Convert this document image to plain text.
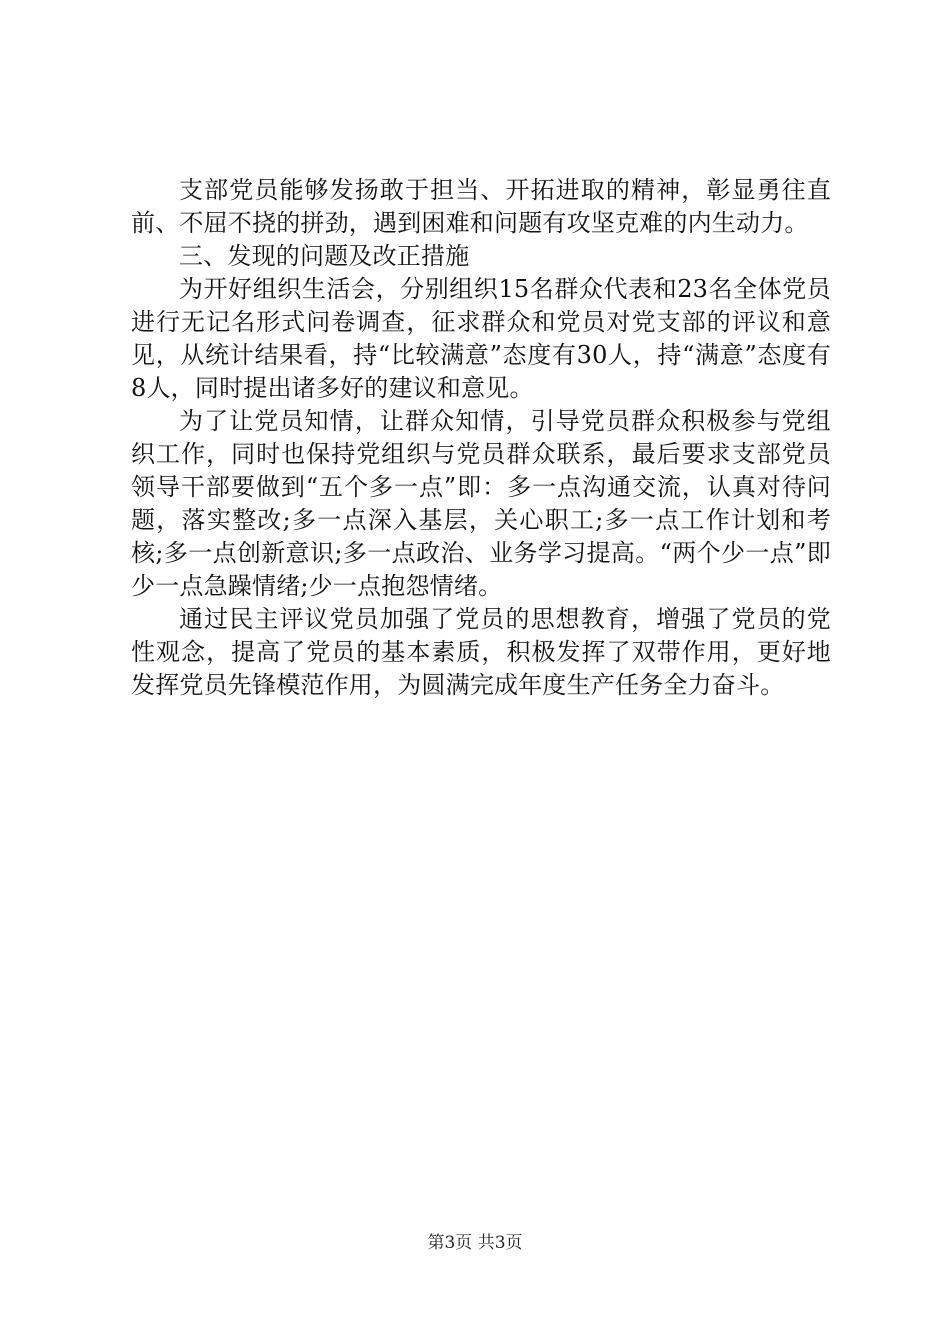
支部党员能够发扬敢于担当、开拓进取的精神，彰显勇往直前、不屈不挠的拼劲，遇到困难和问题有攻坚克难的内生动力。

三、发现的问题及改正措施

为开好组织生活会，分别组织15名群众代表和23名全体党员进行无记名形式问卷调查，征求群众和党员对党支部的评议和意见，从统计结果看，持“比较满意”态度有30人，持“满意”态度有8人，同时提出诸多好的建议和意见。

为了让党员知情，让群众知情，引导党员群众积极参与党组织工作，同时也保持党组织与党员群众联系，最后要求支部党员领导干部要做到“五个多一点”即：多一点沟通交流，认真对待问题，落实整改;多一点深入基层，关心职工;多一点工作计划和考核;多一点创新意识;多一点政治、业务学习提高。“两个少一点”即少一点急躁情绪;少一点抱怨情绪。

通过民主评议党员加强了党员的思想教育，增强了党员的党性观念，提高了党员的基本素质，积极发挥了双带作用，更好地发挥党员先锋模范作用，为圆满完成年度生产任务全力奋斗。

第3页 共3页
